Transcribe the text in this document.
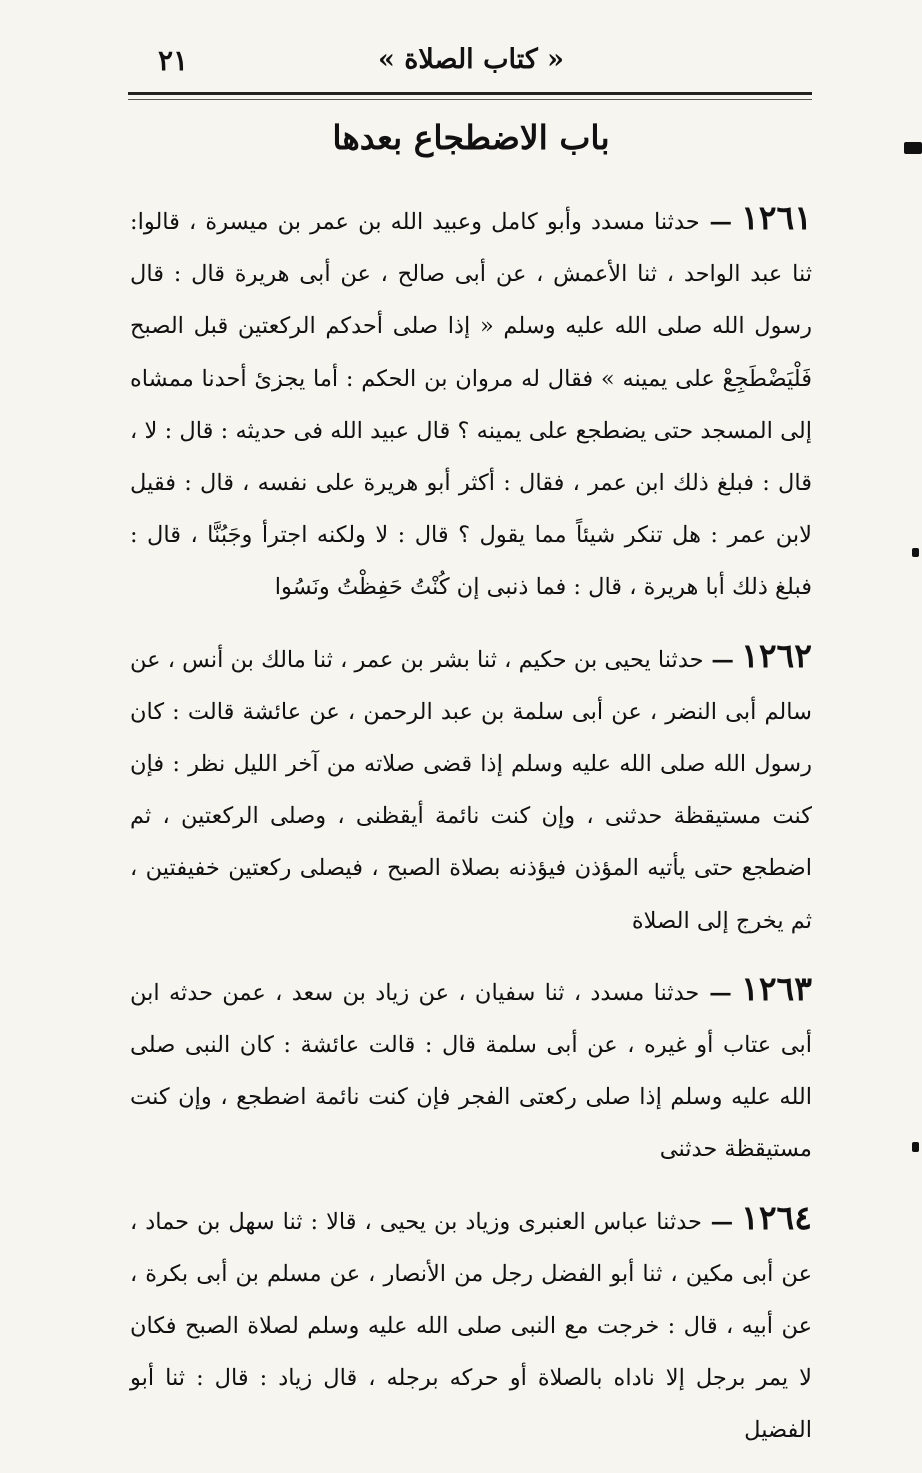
« كتاب الصلاة »
٢١
باب الاضطجاع بعدها

١٢٦١ — حدثنا مسدد وأبو كامل وعبيد الله بن عمر بن ميسرة ، قالوا: ثنا عبد الواحد ، ثنا الأعمش ، عن أبى صالح ، عن أبى هريرة قال : قال رسول الله صلى الله عليه وسلم « إذا صلى أحدكم الركعتين قبل الصبح فَلْيَضْطَجِعْ على يمينه » فقال له مروان بن الحكم : أما يجزئ أحدنا ممشاه إلى المسجد حتى يضطجع على يمينه ؟ قال عبيد الله فى حديثه : قال : لا ، قال : فبلغ ذلك ابن عمر ، فقال : أكثر أبو هريرة على نفسه ، قال : فقيل لابن عمر : هل تنكر شيئاً مما يقول ؟ قال : لا ولكنه اجترأ وجَبُنَّا ، قال : فبلغ ذلك أبا هريرة ، قال : فما ذنبى إن كُنْتُ حَفِظْتُ ونَسُوا

١٢٦٢ — حدثنا يحيى بن حكيم ، ثنا بشر بن عمر ، ثنا مالك بن أنس ، عن سالم أبى النضر ، عن أبى سلمة بن عبد الرحمن ، عن عائشة قالت : كان رسول الله صلى الله عليه وسلم إذا قضى صلاته من آخر الليل نظر : فإن كنت مستيقظة حدثنى ، وإن كنت نائمة أيقظنى ، وصلى الركعتين ، ثم اضطجع حتى يأتيه المؤذن فيؤذنه بصلاة الصبح ، فيصلى ركعتين خفيفتين ، ثم يخرج إلى الصلاة

١٢٦٣ — حدثنا مسدد ، ثنا سفيان ، عن زياد بن سعد ، عمن حدثه ابن أبى عتاب أو غيره ، عن أبى سلمة قال : قالت عائشة : كان النبى صلى الله عليه وسلم إذا صلى ركعتى الفجر فإن كنت نائمة اضطجع ، وإن كنت مستيقظة حدثنى

١٢٦٤ — حدثنا عباس العنبرى وزياد بن يحيى ، قالا : ثنا سهل بن حماد ، عن أبى مكين ، ثنا أبو الفضل رجل من الأنصار ، عن مسلم بن أبى بكرة ، عن أبيه ، قال : خرجت مع النبى صلى الله عليه وسلم لصلاة الصبح فكان لا يمر برجل إلا ناداه بالصلاة أو حركه برجله ، قال زياد : قال : ثنا أبو الفضيل
